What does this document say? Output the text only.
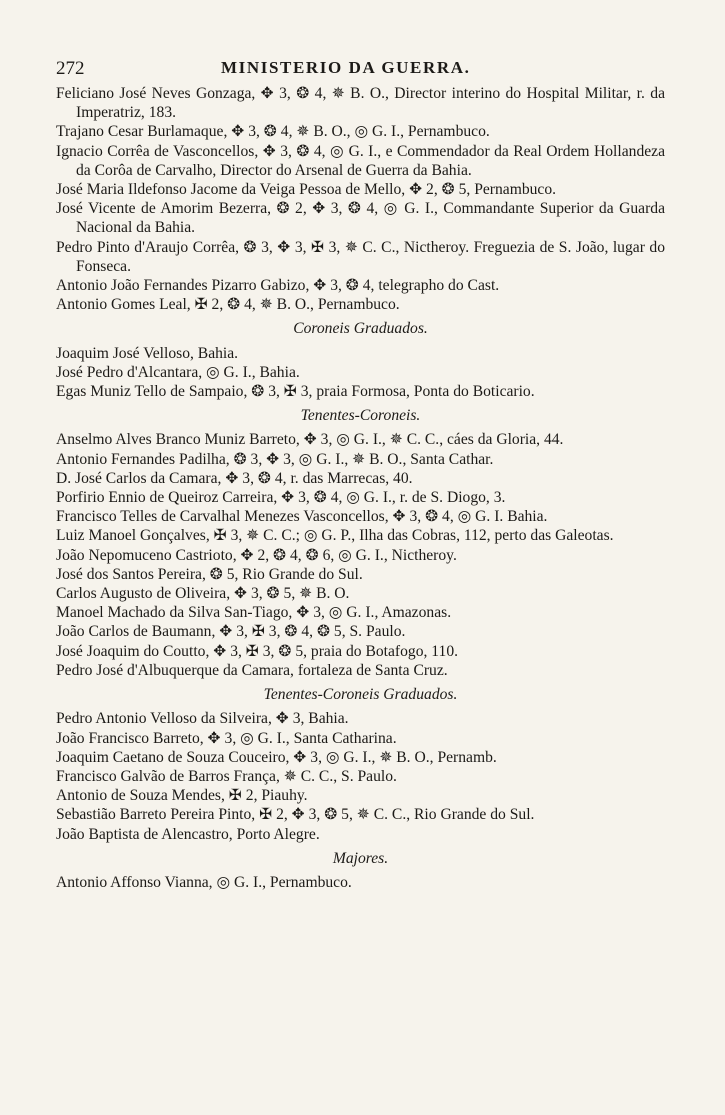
272	MINISTERIO DA GUERRA.

Feliciano José Neves Gonzaga, ✥ 3, ❂ 4, ✵ B. O., Director interino do Hospital Militar, r. da Imperatriz, 183.

Trajano Cesar Burlamaque, ✥ 3, ❂ 4, ✵ B. O., ◎ G. I., Pernambuco.

Ignacio Corrêa de Vasconcellos, ✥ 3, ❂ 4, ◎ G. I., e Commendador da Real Ordem Hollandeza da Corôa de Carvalho, Director do Arsenal de Guerra da Bahia.

José Maria Ildefonso Jacome da Veiga Pessoa de Mello, ✥ 2, ❂ 5, Pernambuco.

José Vicente de Amorim Bezerra, ❂ 2, ✥ 3, ❂ 4, ◎ G. I., Commandante Superior da Guarda Nacional da Bahia.

Pedro Pinto d'Araujo Corrêa, ❂ 3, ✥ 3, ✠ 3, ✵ C. C., Nictheroy. Freguezia de S. João, lugar do Fonseca.

Antonio João Fernandes Pizarro Gabizo, ✥ 3, ❂ 4, telegrapho do Cast.

Antonio Gomes Leal, ✠ 2, ❂ 4, ✵ B. O., Pernambuco.

Coroneis Graduados.

Joaquim José Velloso, Bahia.

José Pedro d'Alcantara, ◎ G. I., Bahia.

Egas Muniz Tello de Sampaio, ❂ 3, ✠ 3, praia Formosa, Ponta do Boticario.

Tenentes-Coroneis.

Anselmo Alves Branco Muniz Barreto, ✥ 3, ◎ G. I., ✵ C. C., cáes da Gloria, 44.

Antonio Fernandes Padilha, ❂ 3, ✥ 3, ◎ G. I., ✵ B. O., Santa Cathar.

D. José Carlos da Camara, ✥ 3, ❂ 4, r. das Marrecas, 40.

Porfirio Ennio de Queiroz Carreira, ✥ 3, ❂ 4, ◎ G. I., r. de S. Diogo, 3.

Francisco Telles de Carvalhal Menezes Vasconcellos, ✥ 3, ❂ 4, ◎ G. I. Bahia.

Luiz Manoel Gonçalves, ✠ 3, ✵ C. C.; ◎ G. P., Ilha das Cobras, 112, perto das Galeotas.

João Nepomuceno Castrioto, ✥ 2, ❂ 4, ❂ 6, ◎ G. I., Nictheroy.

José dos Santos Pereira, ❂ 5, Rio Grande do Sul.

Carlos Augusto de Oliveira, ✥ 3, ❂ 5, ✵ B. O.

Manoel Machado da Silva San-Tiago, ✥ 3, ◎ G. I., Amazonas.

João Carlos de Baumann, ✥ 3, ✠ 3, ❂ 4, ❂ 5, S. Paulo.

José Joaquim do Coutto, ✥ 3, ✠ 3, ❂ 5, praia do Botafogo, 110.

Pedro José d'Albuquerque da Camara, fortaleza de Santa Cruz.

Tenentes-Coroneis Graduados.

Pedro Antonio Velloso da Silveira, ✥ 3, Bahia.

João Francisco Barreto, ✥ 3, ◎ G. I., Santa Catharina.

Joaquim Caetano de Souza Couceiro, ✥ 3, ◎ G. I., ✵ B. O., Pernamb.

Francisco Galvão de Barros França, ✵ C. C., S. Paulo.

Antonio de Souza Mendes, ✠ 2, Piauhy.

Sebastião Barreto Pereira Pinto, ✠ 2, ✥ 3, ❂ 5, ✵ C. C., Rio Grande do Sul.

João Baptista de Alencastro, Porto Alegre.

Majores.

Antonio Affonso Vianna, ◎ G. I., Pernambuco.
